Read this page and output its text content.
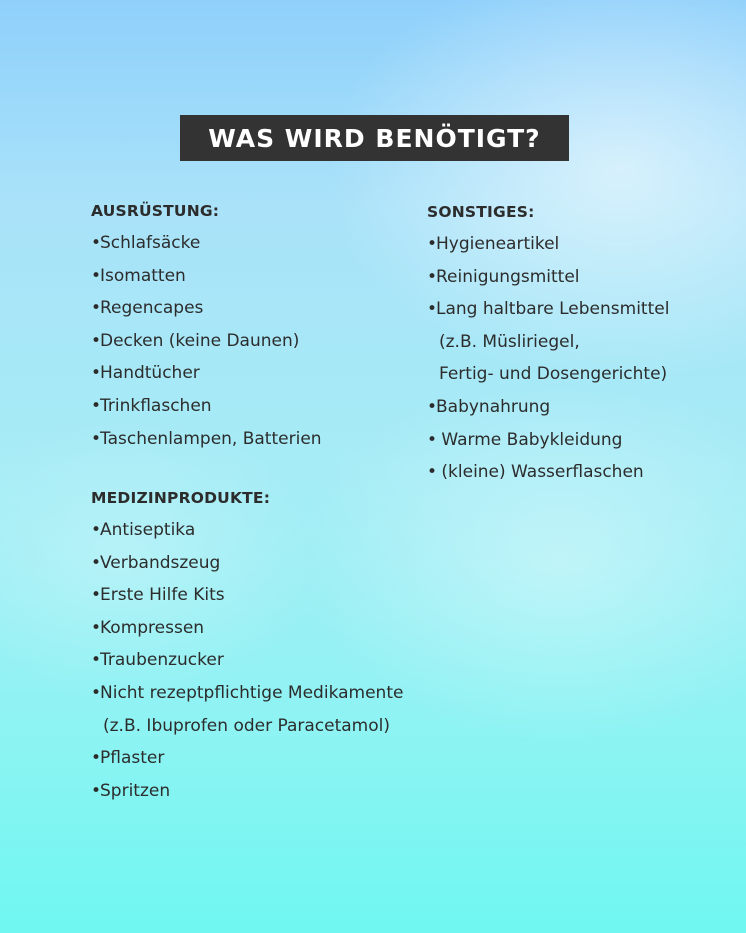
WAS WIRD BENÖTIGT?
AUSRÜSTUNG:
•Schlafsäcke
•Isomatten
•Regencapes
•Decken (keine Daunen)
•Handtücher
•Trinkflaschen
•Taschenlampen, Batterien
MEDIZINPRODUKTE:
•Antiseptika
•Verbandszeug
•Erste Hilfe Kits
•Kompressen
•Traubenzucker
•Nicht rezeptpflichtige Medikamente
(z.B. Ibuprofen oder Paracetamol)
•Pflaster
•Spritzen
SONSTIGES:
•Hygieneartikel
•Reinigungsmittel
•Lang haltbare Lebensmittel
(z.B. Müsliriegel,
Fertig- und Dosengerichte)
•Babynahrung
• Warme Babykleidung
• (kleine) Wasserflaschen
